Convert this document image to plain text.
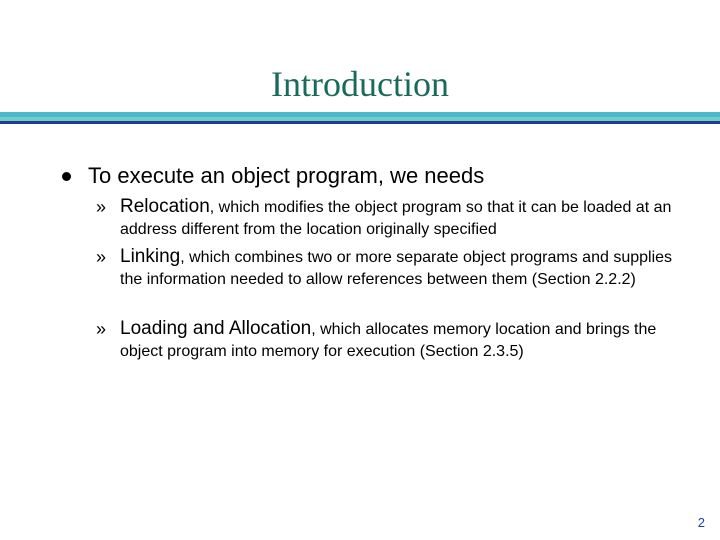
Introduction
To execute an object program, we needs
» Relocation, which modifies the object program so that it can be loaded at an address different from the location originally specified
» Linking, which combines two or more separate object programs and supplies the information needed to allow references between them (Section 2.2.2)
» Loading and Allocation, which allocates memory location and brings the object program into memory for execution (Section 2.3.5)
2
